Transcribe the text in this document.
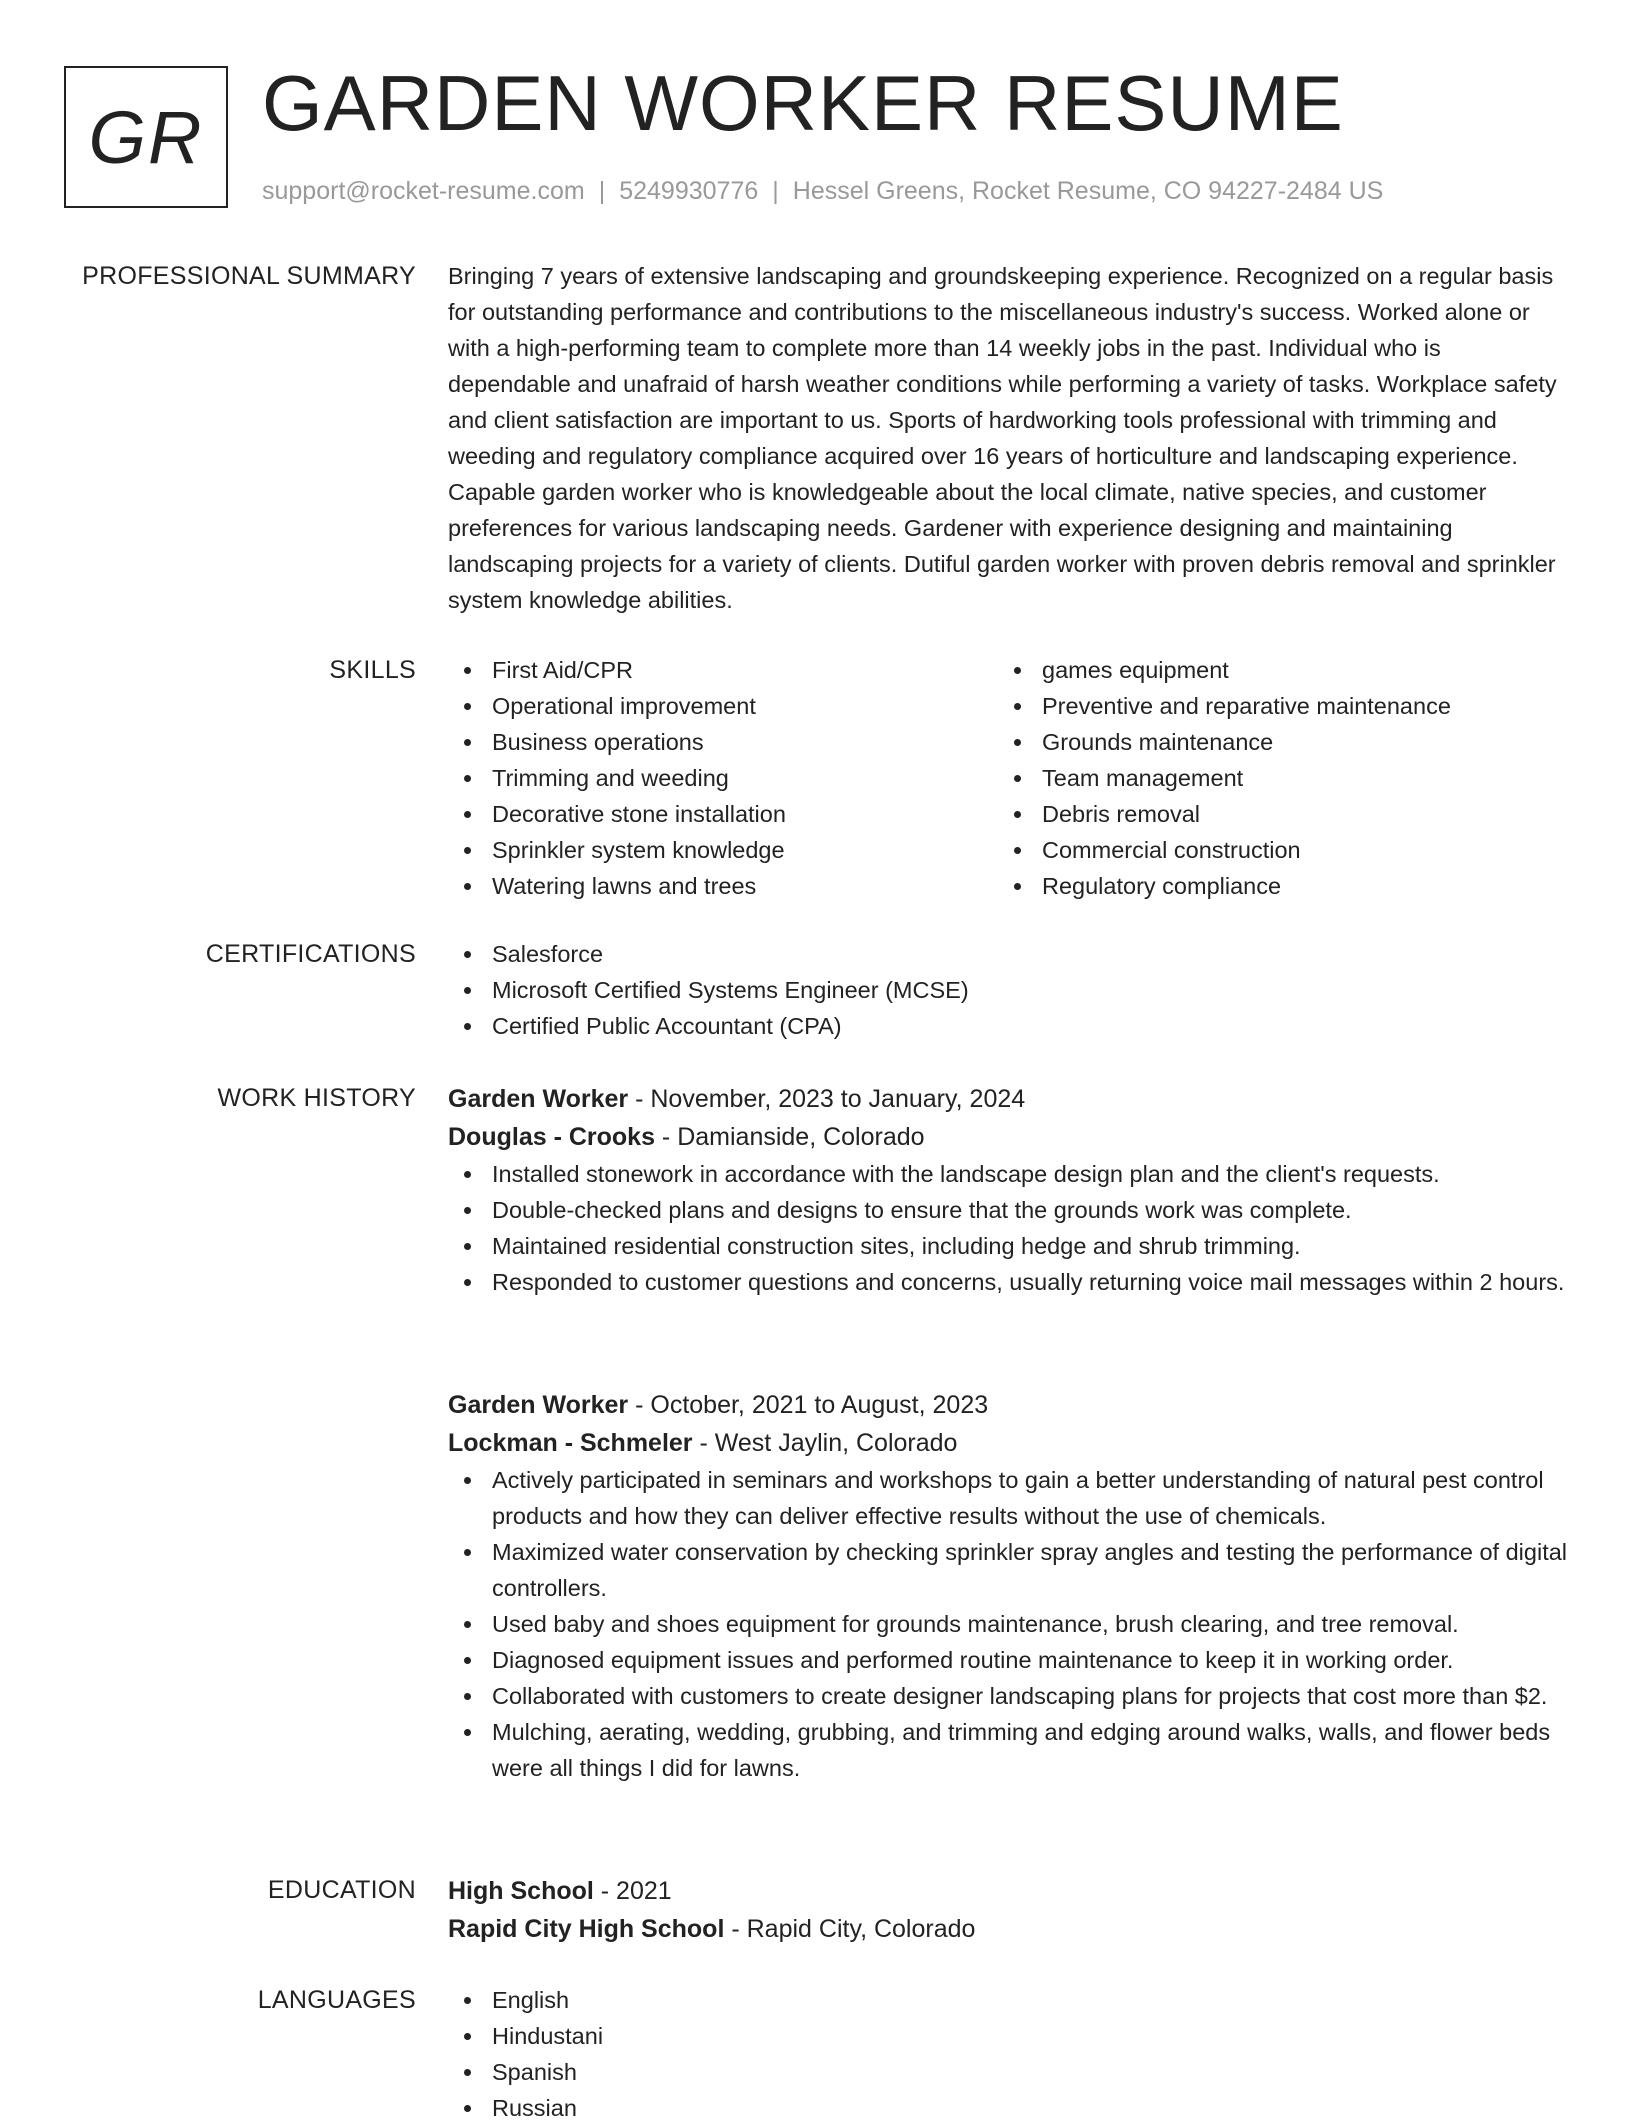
GR GARDEN WORKER RESUME
support@rocket-resume.com | 5249930776 | Hessel Greens, Rocket Resume, CO 94227-2484 US
PROFESSIONAL SUMMARY Bringing 7 years of extensive landscaping and groundskeeping experience. Recognized on a regular basis for outstanding performance and contributions to the miscellaneous industry's success. Worked alone or with a high-performing team to complete more than 14 weekly jobs in the past. Individual who is dependable and unafraid of harsh weather conditions while performing a variety of tasks. Workplace safety and client satisfaction are important to us. Sports of hardworking tools professional with trimming and weeding and regulatory compliance acquired over 16 years of horticulture and landscaping experience. Capable garden worker who is knowledgeable about the local climate, native species, and customer preferences for various landscaping needs. Gardener with experience designing and maintaining landscaping projects for a variety of clients. Dutiful garden worker with proven debris removal and sprinkler system knowledge abilities.

SKILLS	First Aid/CPR
Operational improvement
Business operations
Trimming and weeding
Decorative stone installation
Sprinkler system knowledge
Watering lawns and trees
games equipment
Preventive and reparative maintenance
Grounds maintenance
Team management
Debris removal
Commercial construction
Regulatory compliance
CERTIFICATIONS	Salesforce
Microsoft Certified Systems Engineer (MCSE)
Certified Public Accountant (CPA)
WORK HISTORY Garden Worker - November, 2023 to January, 2024
Douglas - Crooks - Damianside, Colorado
Installed stonework in accordance with the landscape design plan and the client's requests.
Double-checked plans and designs to ensure that the grounds work was complete.
Maintained residential construction sites, including hedge and shrub trimming.
Responded to customer questions and concerns, usually returning voice mail messages within 2 hours.
Garden Worker - October, 2021 to August, 2023
Lockman - Schmeler - West Jaylin, Colorado
Actively participated in seminars and workshops to gain a better understanding of natural pest control products and how they can deliver effective results without the use of chemicals.
Maximized water conservation by checking sprinkler spray angles and testing the performance of digital controllers.
Used baby and shoes equipment for grounds maintenance, brush clearing, and tree removal.
Diagnosed equipment issues and performed routine maintenance to keep it in working order.
Collaborated with customers to create designer landscaping plans for projects that cost more than $2.
Mulching, aerating, wedding, grubbing, and trimming and edging around walks, walls, and flower beds were all things I did for lawns.
EDUCATION High School - 2021
Rapid City High School - Rapid City, Colorado
LANGUAGES	English
Hindustani
Spanish
Russian
